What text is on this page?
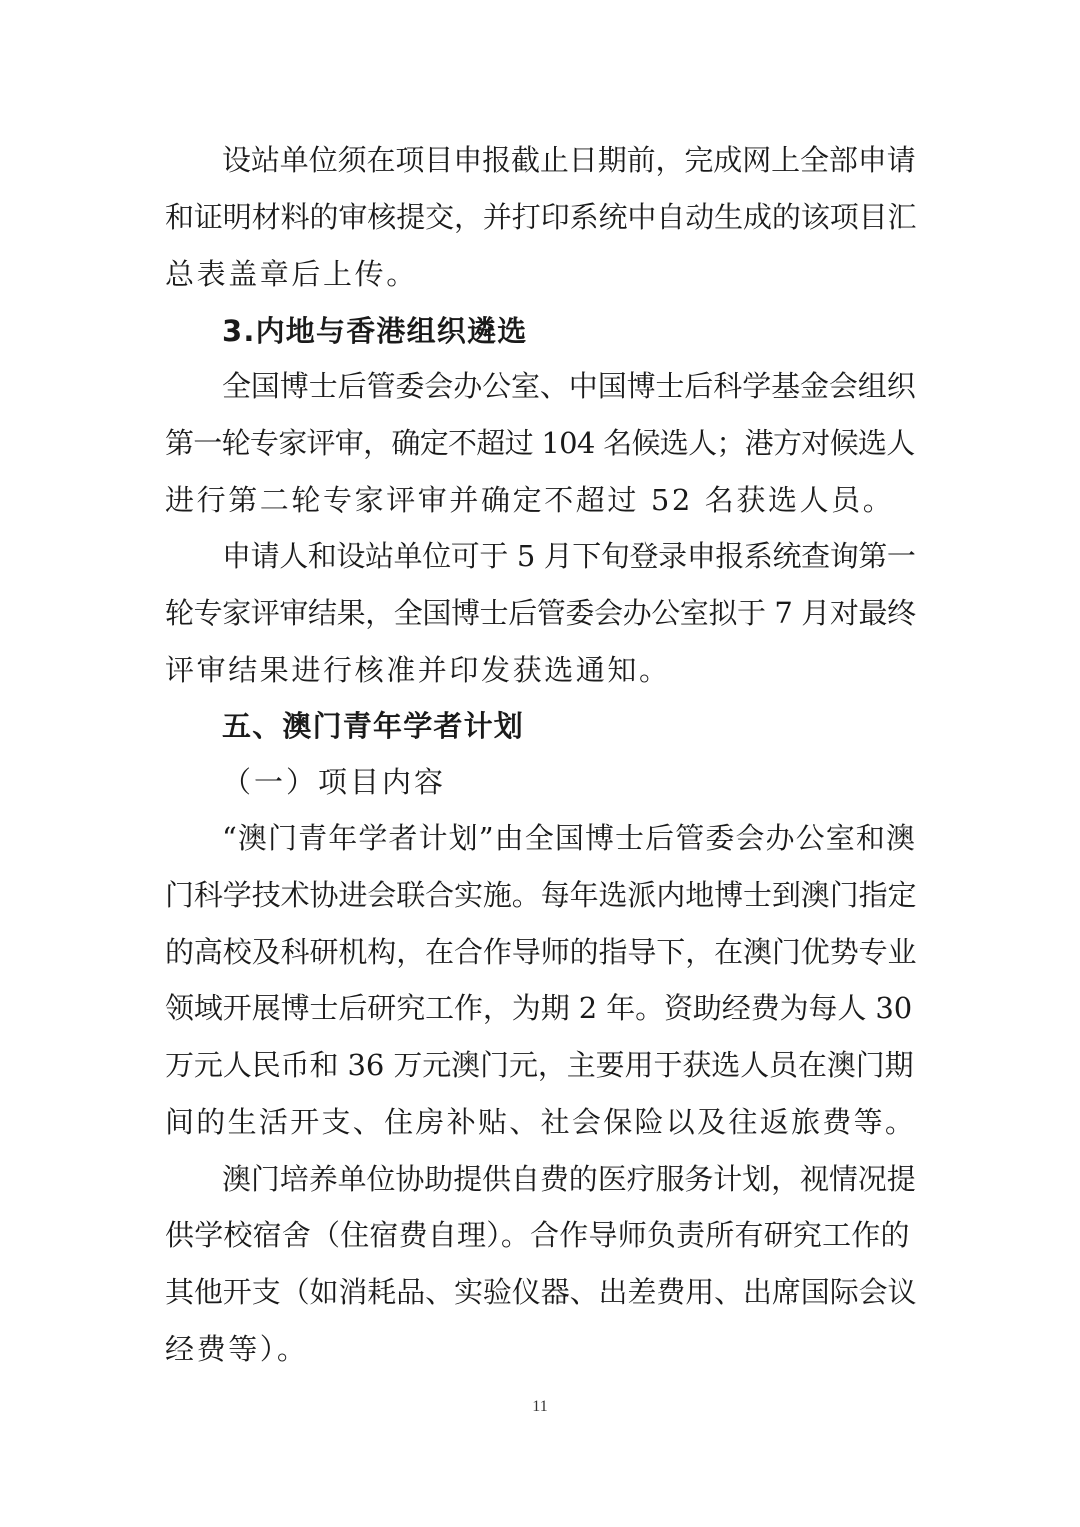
设站单位须在项目申报截止日期前，完成网上全部申请
和证明材料的审核提交，并打印系统中自动生成的该项目汇
总表盖章后上传。
3.内地与香港组织遴选
全国博士后管委会办公室、中国博士后科学基金会组织
第一轮专家评审，确定不超过 104 名候选人；港方对候选人
进行第二轮专家评审并确定不超过 52 名获选人员。
申请人和设站单位可于 5 月下旬登录申报系统查询第一
轮专家评审结果，全国博士后管委会办公室拟于 7 月对最终
评审结果进行核准并印发获选通知。
五、澳门青年学者计划
（一）项目内容
“澳门青年学者计划”由全国博士后管委会办公室和澳
门科学技术协进会联合实施。每年选派内地博士到澳门指定
的高校及科研机构，在合作导师的指导下，在澳门优势专业
领域开展博士后研究工作，为期 2 年。资助经费为每人 30
万元人民币和 36 万元澳门元，主要用于获选人员在澳门期
间的生活开支、住房补贴、社会保险以及往返旅费等。
澳门培养单位协助提供自费的医疗服务计划，视情况提
供学校宿舍（住宿费自理）。合作导师负责所有研究工作的
其他开支（如消耗品、实验仪器、出差费用、出席国际会议
经费等）。
11
